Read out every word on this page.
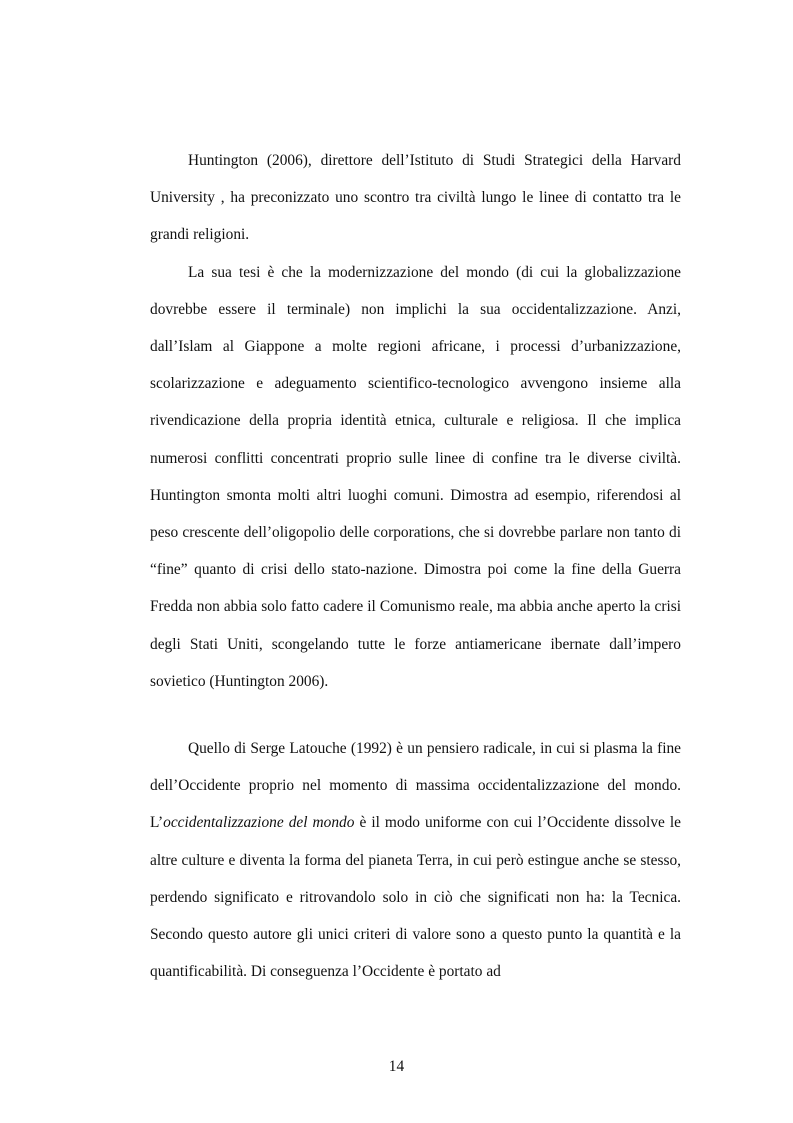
Huntington (2006), direttore dell’Istituto di Studi Strategici della Harvard University , ha preconizzato uno scontro tra civiltà lungo le linee di contatto tra le grandi religioni.

La sua tesi è che la modernizzazione del mondo (di cui la globalizzazione dovrebbe essere il terminale) non implichi la sua occidentalizzazione. Anzi, dall’Islam al Giappone a molte regioni africane, i processi d’urbanizzazione, scolarizzazione e adeguamento scientifico-tecnologico avvengono insieme alla rivendicazione della propria identità etnica, culturale e religiosa. Il che implica numerosi conflitti concentrati proprio sulle linee di confine tra le diverse civiltà. Huntington smonta molti altri luoghi comuni. Dimostra ad esempio, riferendosi al peso crescente dell’oligopolio delle corporations, che si dovrebbe parlare non tanto di “fine” quanto di crisi dello stato-nazione. Dimostra poi come la fine della Guerra Fredda non abbia solo fatto cadere il Comunismo reale, ma abbia anche aperto la crisi degli Stati Uniti, scongelando tutte le forze antiamericane ibernate dall’impero sovietico (Huntington 2006).

Quello di Serge Latouche (1992) è un pensiero radicale, in cui si plasma la fine dell’Occidente proprio nel momento di massima occidentalizzazione del mondo. L’occidentalizzazione del mondo è il modo uniforme con cui l’Occidente dissolve le altre culture e diventa la forma del pianeta Terra, in cui però estingue anche se stesso, perdendo significato e ritrovandolo solo in ciò che significati non ha: la Tecnica. Secondo questo autore gli unici criteri di valore sono a questo punto la quantità e la quantificabilità. Di conseguenza l’Occidente è portato ad

14
